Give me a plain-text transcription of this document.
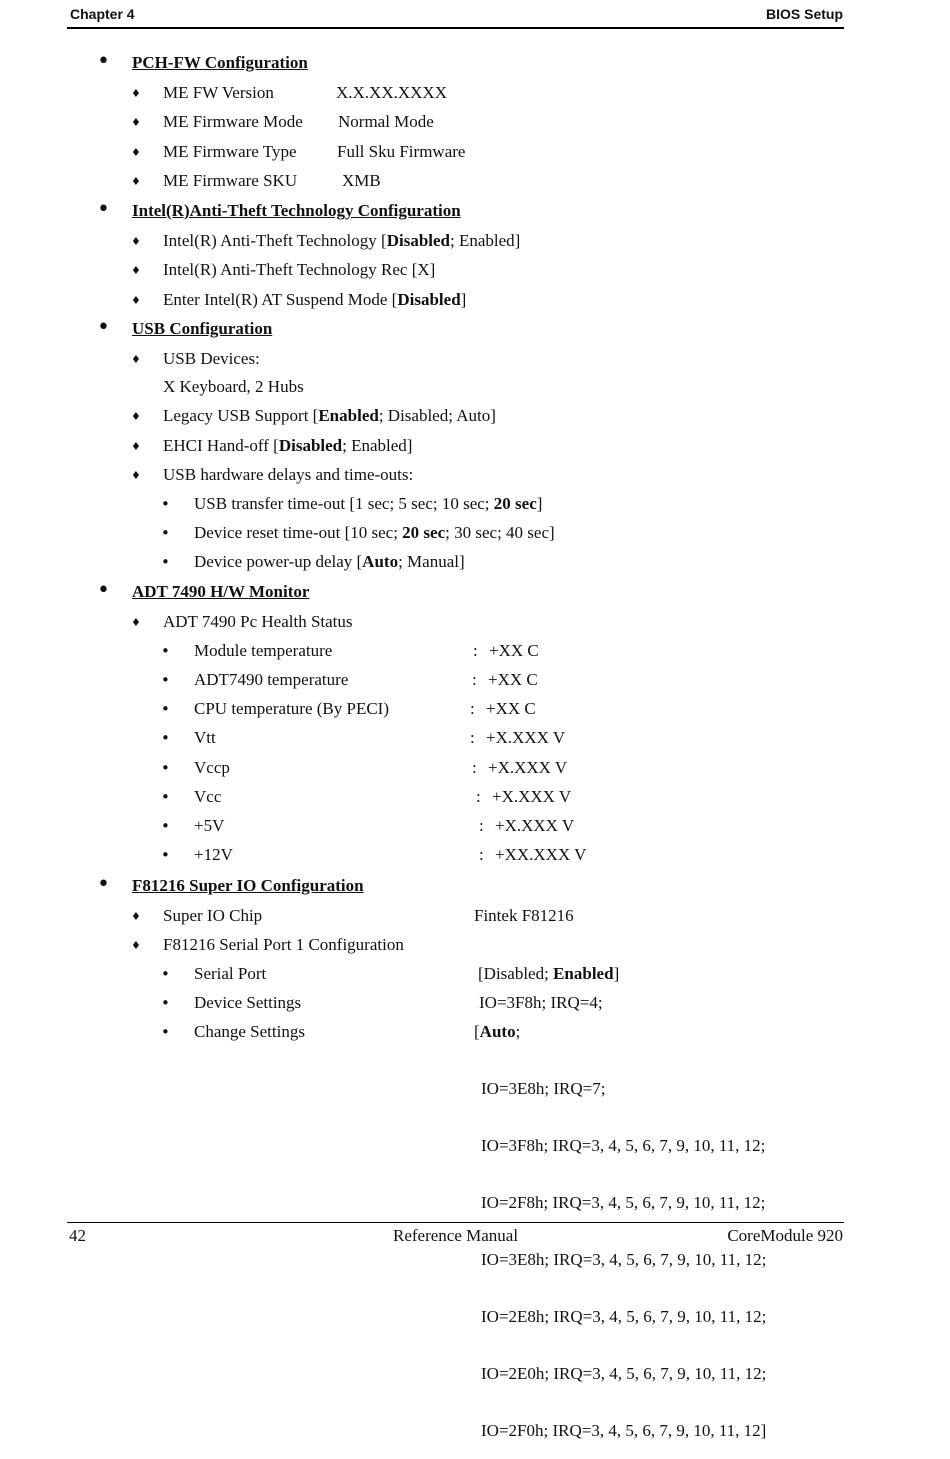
Chapter 4	BIOS Setup
• PCH-FW Configuration
♦ ME FW Version	X.X.XX.XXXX
♦ ME Firmware Mode Normal Mode
♦ ME Firmware Type Full Sku Firmware
♦ ME Firmware SKU	XMB
• Intel(R)Anti-Theft Technology Configuration
♦ Intel(R) Anti-Theft Technology [Disabled; Enabled]
♦ Intel(R) Anti-Theft Technology Rec [X]
♦ Enter Intel(R) AT Suspend Mode [Disabled]
• USB Configuration
♦ USB Devices:
X Keyboard, 2 Hubs
♦ Legacy USB Support [Enabled; Disabled; Auto]
♦ EHCI Hand-off [Disabled; Enabled]
♦ USB hardware delays and time-outs:
• USB transfer time-out [1 sec; 5 sec; 10 sec; 20 sec]
• Device reset time-out [10 sec; 20 sec; 30 sec; 40 sec]
• Device power-up delay [Auto; Manual]
• ADT 7490 H/W Monitor
♦ ADT 7490 Pc Health Status
• Module temperature	: +XX C
• ADT7490 temperature	: +XX C
• CPU temperature (By PECI)	: +XX C
• Vtt	: +X.XXX V
• Vccp	: +X.XXX V
• Vcc	: +X.XXX V
• +5V	: +X.XXX V
• +12V	: +XX.XXX V
• F81216 Super IO Configuration
♦ Super IO Chip	Fintek F81216
♦ F81216 Serial Port 1 Configuration
• Serial Port	[Disabled; Enabled]
• Device Settings	IO=3F8h; IRQ=4;
• Change Settings	[Auto;

IO=3E8h; IRQ=7;

IO=3F8h; IRQ=3, 4, 5, 6, 7, 9, 10, 11, 12;

IO=2F8h; IRQ=3, 4, 5, 6, 7, 9, 10, 11, 12;

IO=3E8h; IRQ=3, 4, 5, 6, 7, 9, 10, 11, 12;

IO=2E8h; IRQ=3, 4, 5, 6, 7, 9, 10, 11, 12;

IO=2E0h; IRQ=3, 4, 5, 6, 7, 9, 10, 11, 12;

IO=2F0h; IRQ=3, 4, 5, 6, 7, 9, 10, 11, 12]

42	Reference Manual	CoreModule 920
